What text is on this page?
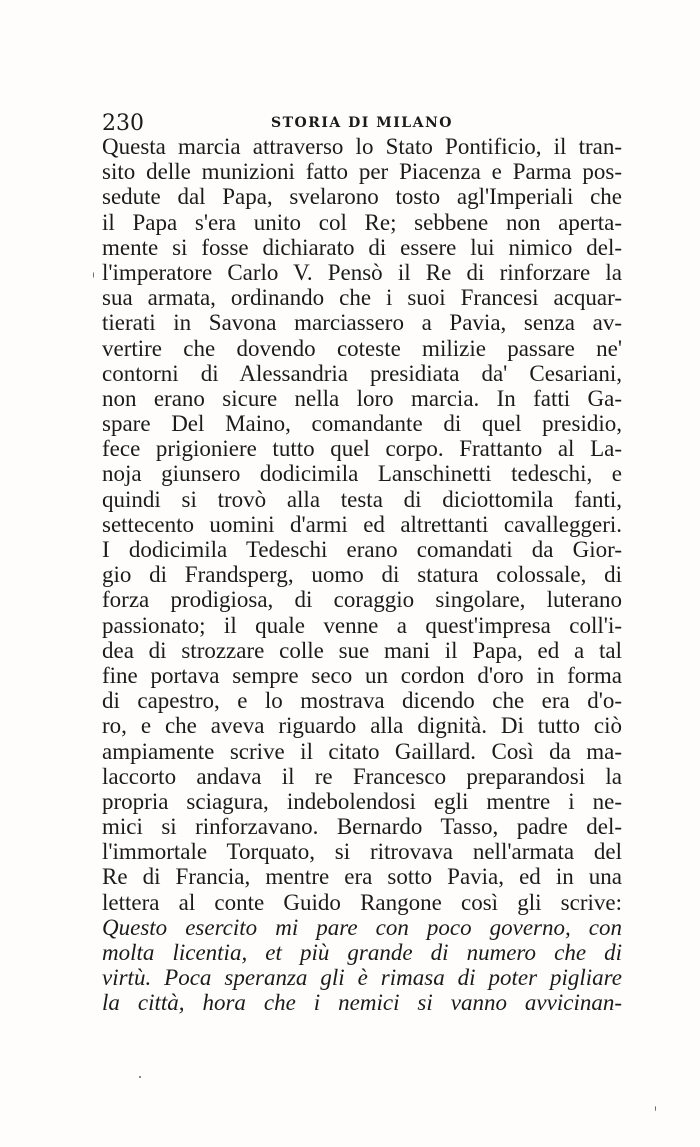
230	STORIA DI MILANO
Questa marcia attraverso lo Stato Pontificio, il tran-
sito delle munizioni fatto per Piacenza e Parma pos-
sedute dal Papa, svelarono tosto agl'Imperiali che
il Papa s'era unito col Re; sebbene non aperta-
mente si fosse dichiarato di essere lui nimico del-
l'imperatore Carlo V. Pensò il Re di rinforzare la
sua armata, ordinando che i suoi Francesi acquar-
tierati in Savona marciassero a Pavia, senza av-
vertire che dovendo coteste milizie passare ne'
contorni di Alessandria presidiata da' Cesariani,
non erano sicure nella loro marcia. In fatti Ga-
spare Del Maino, comandante di quel presidio,
fece prigioniere tutto quel corpo. Frattanto al La-
noja giunsero dodicimila Lanschinetti tedeschi, e
quindi si trovò alla testa di diciottomila fanti,
settecento uomini d'armi ed altrettanti cavalleggeri.
I dodicimila Tedeschi erano comandati da Gior-
gio di Frandsperg, uomo di statura colossale, di
forza prodigiosa, di coraggio singolare, luterano
passionato; il quale venne a quest'impresa coll'i-
dea di strozzare colle sue mani il Papa, ed a tal
fine portava sempre seco un cordon d'oro in forma
di capestro, e lo mostrava dicendo che era d'o-
ro, e che aveva riguardo alla dignità. Di tutto ciò
ampiamente scrive il citato Gaillard. Così da ma-
laccorto andava il re Francesco preparandosi la
propria sciagura, indebolendosi egli mentre i ne-
mici si rinforzavano. Bernardo Tasso, padre del-
l'immortale Torquato, si ritrovava nell'armata del
Re di Francia, mentre era sotto Pavia, ed in una
lettera al conte Guido Rangone così gli scrive:
Questo esercito mi pare con poco governo, con
molta licentia, et più grande di numero che di
virtù. Poca speranza gli è rimasa di poter pigliare
la città, hora che i nemici si vanno avvicinan-
